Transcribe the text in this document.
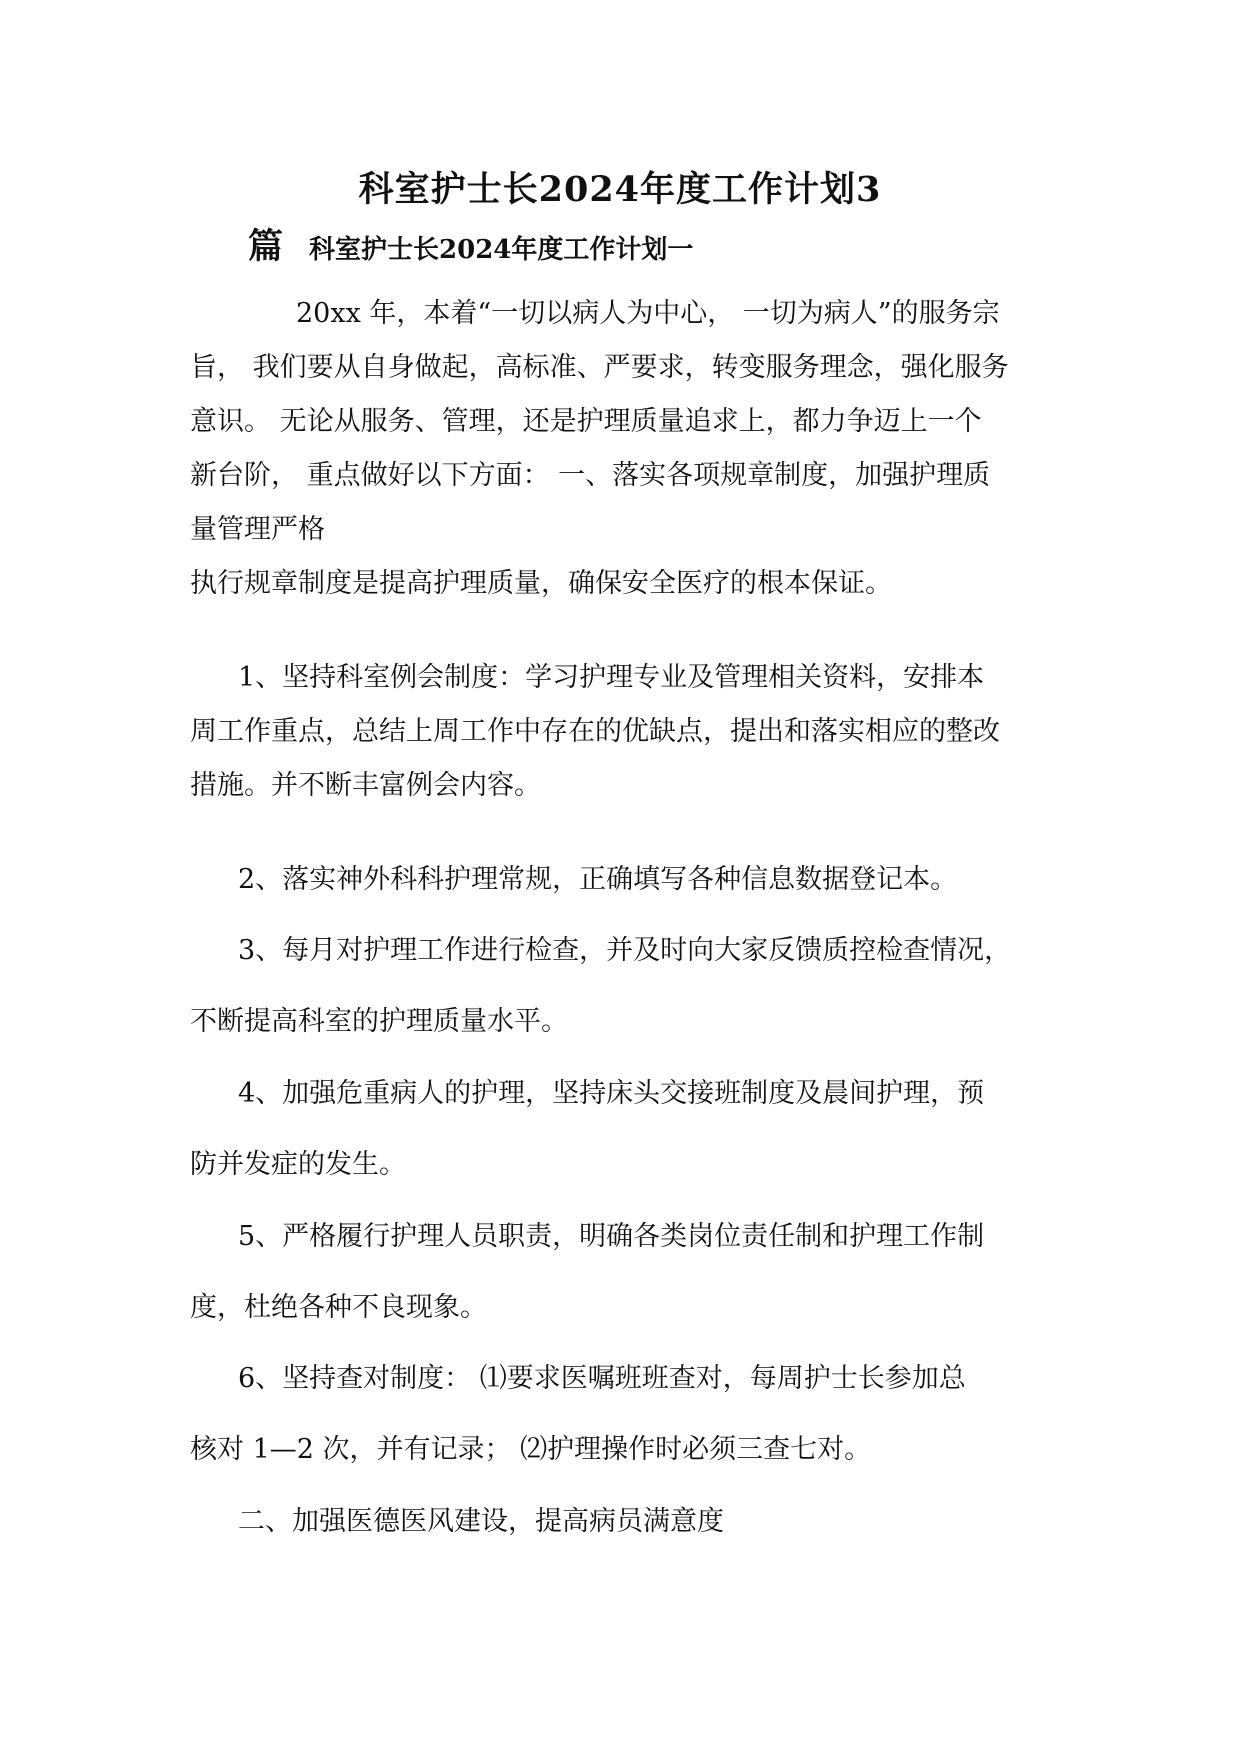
科室护士长2024年度工作计划3
篇 科室护士长2024年度工作计划一
20xx 年，本着“一切以病人为中心， 一切为病人”的服务宗
旨， 我们要从自身做起，高标准、严要求，转变服务理念，强化服务
意识。 无论从服务、管理，还是护理质量追求上，都力争迈上一个
新台阶， 重点做好以下方面： 一、落实各项规章制度，加强护理质
量管理严格
执行规章制度是提高护理质量，确保安全医疗的根本保证。
1、坚持科室例会制度：学习护理专业及管理相关资料，安排本
周工作重点，总结上周工作中存在的优缺点，提出和落实相应的整改
措施。并不断丰富例会内容。
2、落实神外科科护理常规，正确填写各种信息数据登记本。
3、每月对护理工作进行检查，并及时向大家反馈质控检查情况，
不断提高科室的护理质量水平。
4、加强危重病人的护理，坚持床头交接班制度及晨间护理，预
防并发症的发生。
5、严格履行护理人员职责，明确各类岗位责任制和护理工作制
度，杜绝各种不良现象。
6、坚持查对制度： ⑴要求医嘱班班查对，每周护士长参加总
核对 1—2 次，并有记录； ⑵护理操作时必须三查七对。
二、加强医德医风建设，提高病员满意度
